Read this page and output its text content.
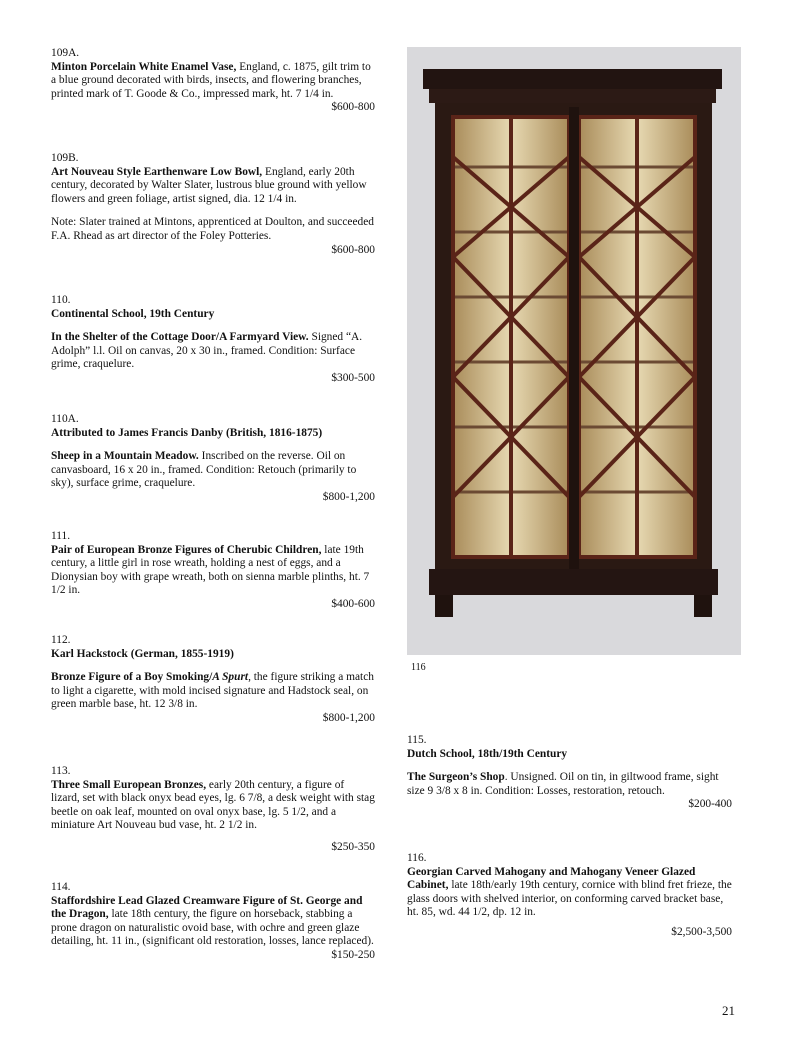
109A.

Minton Porcelain White Enamel Vase, England, c. 1875, gilt trim to a blue ground decorated with birds, insects, and flowering branches, printed mark of T. Goode & Co., impressed mark, ht. 7 1/4 in.

$600-800

109B.

Art Nouveau Style Earthenware Low Bowl, England, early 20th century, decorated by Walter Slater, lustrous blue ground with yellow flowers and green foliage, artist signed, dia. 12 1/4 in.

Note: Slater trained at Mintons, apprenticed at Doulton, and succeeded F.A. Rhead as art director of the Foley Potteries.

$600-800

110.

Continental School, 19th Century

In the Shelter of the Cottage Door/A Farmyard View. Signed “A. Adolph” l.l. Oil on canvas, 20 x 30 in., framed. Condition: Surface grime, craquelure.

$300-500

110A.

Attributed to James Francis Danby (British, 1816-1875)

Sheep in a Mountain Meadow. Inscribed on the reverse. Oil on canvasboard, 16 x 20 in., framed. Condition: Retouch (primarily to sky), surface grime, craquelure.

$800-1,200

111.

Pair of European Bronze Figures of Cherubic Children, late 19th century, a little girl in rose wreath, holding a nest of eggs, and a Dionysian boy with grape wreath, both on sienna marble plinths, ht. 7 1/2 in.

$400-600

112.

Karl Hackstock (German, 1855-1919)

Bronze Figure of a Boy Smoking/A Spurt, the figure striking a match to light a cigarette, with mold incised signature and Hadstock seal, on green marble base, ht. 12 3/8 in.

$800-1,200

113.

Three Small European Bronzes, early 20th century, a figure of lizard, set with black onyx bead eyes, lg. 6 7/8, a desk weight with stag beetle on oak leaf, mounted on oval onyx base, lg. 5 1/2, and a miniature Art Nouveau bud vase, ht. 2 1/2 in.

$250-350

114.

Staffordshire Lead Glazed Creamware Figure of St. George and the Dragon, late 18th century, the figure on horseback, stabbing a prone dragon on naturalistic ovoid base, with ochre and green glaze detailing, ht. 11 in., (significant old restoration, losses, lance replaced).

$150-250

116

115.

Dutch School, 18th/19th Century

The Surgeon’s Shop. Unsigned. Oil on tin, in giltwood frame, sight size 9 3/8 x 8 in. Condition: Losses, restoration, retouch.

$200-400

116.

Georgian Carved Mahogany and Mahogany Veneer Glazed Cabinet, late 18th/early 19th century, cornice with blind fret frieze, the glass doors with shelved interior, on conforming carved bracket base, ht. 85, wd. 44 1/2, dp. 12 in.

$2,500-3,500

21
